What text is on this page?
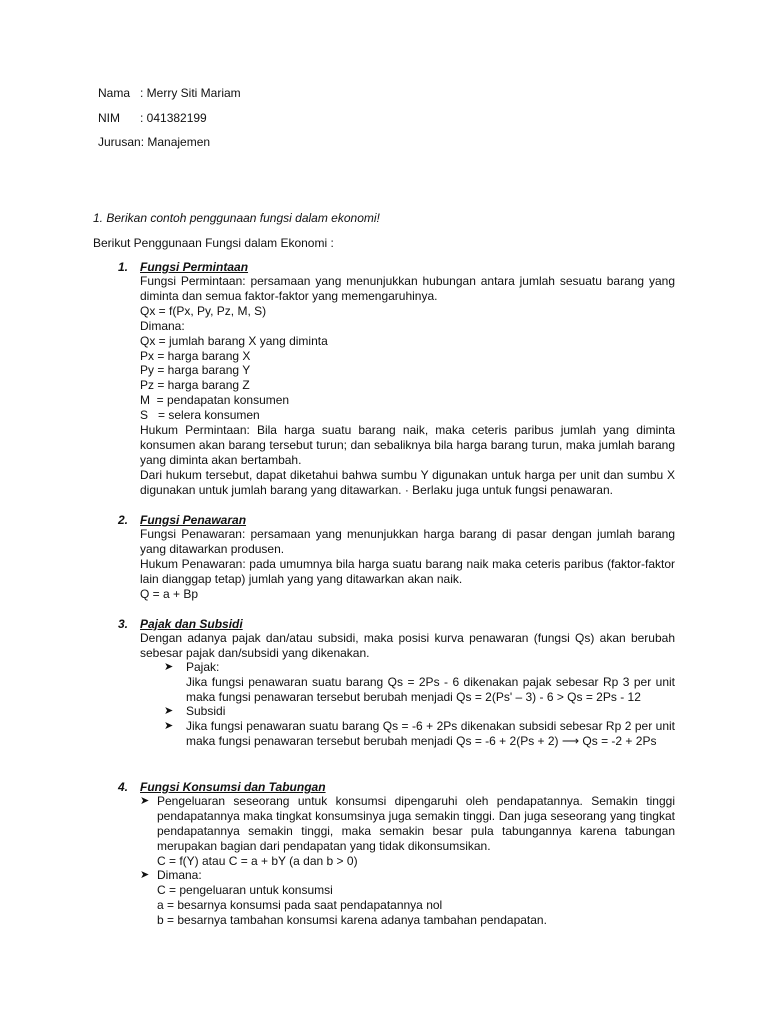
Nama : Merry Siti Mariam
NIM : 041382199
Jurusan: Manajemen
1. Berikan contoh penggunaan fungsi dalam ekonomi!
Berikut Penggunaan Fungsi dalam Ekonomi :
1. Fungsi Permintaan
Fungsi Permintaan: persamaan yang menunjukkan hubungan antara jumlah sesuatu barang yang diminta dan semua faktor-faktor yang memengaruhinya.
Qx = f(Px, Py, Pz, M, S)
Dimana:
Qx = jumlah barang X yang diminta
Px = harga barang X
Py = harga barang Y
Pz = harga barang Z
M  = pendapatan konsumen
S   = selera konsumen
Hukum Permintaan: Bila harga suatu barang naik, maka ceteris paribus jumlah yang diminta konsumen akan barang tersebut turun; dan sebaliknya bila harga barang turun, maka jumlah barang yang diminta akan bertambah.
Dari hukum tersebut, dapat diketahui bahwa sumbu Y digunakan untuk harga per unit dan sumbu X digunakan untuk jumlah barang yang ditawarkan. · Berlaku juga untuk fungsi penawaran.
2. Fungsi Penawaran
Fungsi Penawaran: persamaan yang menunjukkan harga barang di pasar dengan jumlah barang yang ditawarkan produsen.
Hukum Penawaran: pada umumnya bila harga suatu barang naik maka ceteris paribus (faktor-faktor lain dianggap tetap) jumlah yang yang ditawarkan akan naik.
Q = a + Bp
3. Pajak dan Subsidi
Dengan adanya pajak dan/atau subsidi, maka posisi kurva penawaran (fungsi Qs) akan berubah sebesar pajak dan/subsidi yang dikenakan.
➤ Pajak:
Jika fungsi penawaran suatu barang Qs = 2Ps - 6 dikenakan pajak sebesar Rp 3 per unit maka fungsi penawaran tersebut berubah menjadi Qs = 2(Ps' – 3) - 6 > Qs = 2Ps - 12
➤ Subsidi
➤ Jika fungsi penawaran suatu barang Qs = -6 + 2Ps dikenakan subsidi sebesar Rp 2 per unit maka fungsi penawaran tersebut berubah menjadi Qs = -6 + 2(Ps + 2) ⟶ Qs = -2 + 2Ps
4. Fungsi Konsumsi dan Tabungan
➤ Pengeluaran seseorang untuk konsumsi dipengaruhi oleh pendapatannya. Semakin tinggi pendapatannya maka tingkat konsumsinya juga semakin tinggi. Dan juga seseorang yang tingkat pendapatannya semakin tinggi, maka semakin besar pula tabungannya karena tabungan merupakan bagian dari pendapatan yang tidak dikonsumsikan.
C = f(Y) atau C = a + bY (a dan b > 0)
➤ Dimana:
C = pengeluaran untuk konsumsi
a = besarnya konsumsi pada saat pendapatannya nol
b = besarnya tambahan konsumsi karena adanya tambahan pendapatan.
